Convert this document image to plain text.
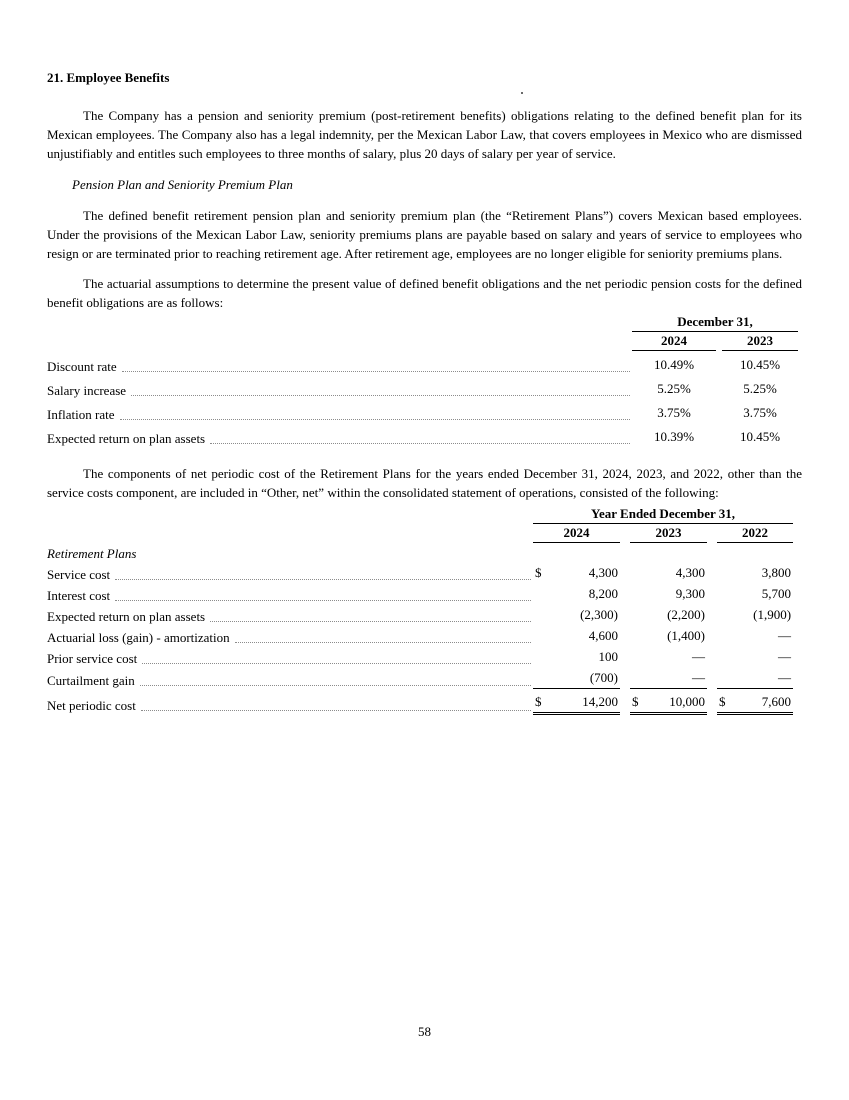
21. Employee Benefits

The Company has a pension and seniority premium (post-retirement benefits) obligations relating to the defined benefit plan for its Mexican employees. The Company also has a legal indemnity, per the Mexican Labor Law, that covers employees in Mexico who are dismissed unjustifiably and entitles such employees to three months of salary, plus 20 days of salary per year of service.

Pension Plan and Seniority Premium Plan

The defined benefit retirement pension plan and seniority premium plan (the “Retirement Plans”) covers Mexican based employees. Under the provisions of the Mexican Labor Law, seniority premiums plans are payable based on salary and years of service to employees who resign or are terminated prior to reaching retirement age. After retirement age, employees are no longer eligible for seniority premiums plans.

The actuarial assumptions to determine the present value of defined benefit obligations and the net periodic pension costs for the defined benefit obligations are as follows:

	December 31,		
	2024		2023

Discount rate	10.49%		10.45%

Salary increase	5.25%		5.25%

Inflation rate	3.75%		3.75%

Expected return on plan assets	10.39%		10.45%

The components of net periodic cost of the Retirement Plans for the years ended December 31, 2024, 2023, and 2022, other than the service costs component, are included in “Other, net” within the consolidated statement of operations, consisted of the following:

	Year Ended December 31,				
	2024		2023		2022
Retirement Plans					

Service cost	$ 4,300		4,300		3,800

Interest cost	8,200		9,300		5,700

Expected return on plan assets	(2,300)		(2,200)		(1,900)

Actuarial loss (gain) - amortization	4,600		(1,400)		—

Prior service cost	100		—		—

Curtailment gain	(700)		—		—

Net periodic cost	$ 14,200		$ 10,000		$ 7,600
58
